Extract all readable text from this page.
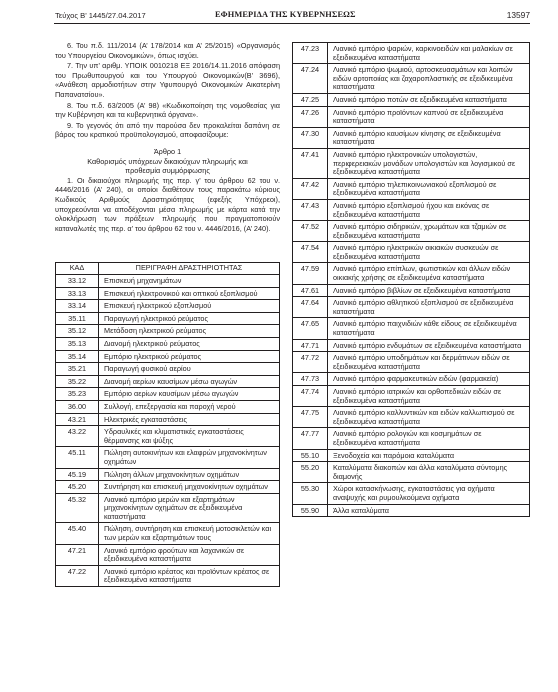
Τεύχος Β’ 1445/27.04.2017	ΕΦΗΜΕΡΙΔΑ ΤΗΣ ΚΥΒΕΡΝΗΣΕΩΣ	13597

6. Του π.δ. 111/2014 (Α’ 178/2014 και Α’ 25/2015) «Οργανισμός του Υπουργείου Οικονομικών», όπως ισχύει.

7. Την υπ’ αριθμ. ΥΠΟΙΚ 0010218 ΕΞ 2016/14.11.2016 απόφαση του Πρωθυπουργού και του Υπουργού Οικονομικών(Β’ 3696), «Ανάθεση αρμοδιοτήτων στην Υφυπουργό Οικονομικών Αικατερίνη Παπανατσίου».

8. Του π.δ. 63/2005 (Α’ 98) «Κωδικοποίηση της νομοθεσίας για την Κυβέρνηση και τα κυβερνητικά όργανα».

9. Το γεγονός ότι από την παρούσα δεν προκαλείται δαπάνη σε βάρος του κρατικού προϋπολογισμού, αποφασίζουμε:

Άρθρο 1
Καθορισμός υπόχρεων δικαιούχων πληρωμής και προθεσμία συμμόρφωσης

1. Οι δικαιούχοι πληρωμής της περ. γ’ του άρθρου 62 του ν. 4446/2016 (Α’ 240), οι οποίοι διαθέτουν τους παρακάτω κύριους Κωδικούς Αριθμούς Δραστηριότητας (εφεξής Υπόχρεοι), υποχρεούνται να αποδέχονται μέσα πληρωμής με κάρτα κατά την ολοκλήρωση των πράξεων πληρωμής που πραγματοποιούν καταναλωτές της περ. α’ του άρθρου 62 του ν. 4446/2016, (Α’ 240).

ΚΑΔ	ΠΕΡΙΓΡΑΦΗ ΔΡΑΣΤΗΡΙΟΤΗΤΑΣ
33.12	Επισκευή μηχανημάτων
33.13	Επισκευή ηλεκτρονικού και οπτικού εξοπλισμού
33.14	Επισκευή ηλεκτρικού εξοπλισμού
35.11	Παραγωγή ηλεκτρικού ρεύματος
35.12	Μετάδοση ηλεκτρικού ρεύματος
35.13	Διανομή ηλεκτρικού ρεύματος
35.14	Εμπόριο ηλεκτρικού ρεύματος
35.21	Παραγωγή φυσικού αερίου
35.22	Διανομή αερίων καυσίμων μέσω αγωγών
35.23	Εμπόριο αερίων καυσίμων μέσω αγωγών
36.00	Συλλογή, επεξεργασία και παροχή νερού
43.21	Ηλεκτρικές εγκαταστάσεις
43.22	Υδραυλικές και κλιματιστικές εγκαταστάσεις θέρμανσης και ψύξης
45.11	Πώληση αυτοκινήτων και ελαφρών μηχανοκίνητων οχημάτων
45.19	Πώληση άλλων μηχανοκίνητων οχημάτων
45.20	Συντήρηση και επισκευή μηχανοκίνητων οχημάτων
45.32	Λιανικό εμπόριο μερών και εξαρτημάτων μηχανοκίνητων οχημάτων σε εξειδικευμένα καταστήματα
45.40	Πώληση, συντήρηση και επισκευή μοτοσικλετών και των μερών και εξαρτημάτων τους
47.21	Λιανικό εμπόριο φρούτων και λαχανικών σε εξειδικευμένα καταστήματα
47.22	Λιανικό εμπόριο κρέατος και προϊόντων κρέατος σε εξειδικευμένα καταστήματα
47.23	Λιανικό εμπόριο ψαριών, καρκινοειδών και μαλακίων σε εξειδικευμένα καταστήματα
47.24	Λιανικό εμπόριο ψωμιού, αρτοσκευασμάτων και λοιπών ειδών αρτοποιίας και ζαχαροπλαστικής σε εξειδικευμένα καταστήματα
47.25	Λιανικό εμπόριο ποτών σε εξειδικευμένα καταστήματα
47.26	Λιανικό εμπόριο προϊόντων καπνού σε εξειδικευμένα καταστήματα
47.30	Λιανικό εμπόριο καυσίμων κίνησης σε εξειδικευμένα καταστήματα
47.41	Λιανικό εμπόριο ηλεκτρονικών υπολογιστών, περιφερειακών μονάδων υπολογιστών και λογισμικού σε εξειδικευμένα καταστήματα
47.42	Λιανικό εμπόριο τηλεπικοινωνιακού εξοπλισμού σε εξειδικευμένα καταστήματα
47.43	Λιανικό εμπόριο εξοπλισμού ήχου και εικόνας σε εξειδικευμένα καταστήματα
47.52	Λιανικό εμπόριο σιδηρικών, χρωμάτων και τζαμιών σε εξειδικευμένα καταστήματα
47.54	Λιανικό εμπόριο ηλεκτρικών οικιακών συσκευών σε εξειδικευμένα καταστήματα
47.59	Λιανικό εμπόριο επίπλων, φωτιστικών και άλλων ειδών οικιακής χρήσης σε εξειδικευμένα καταστήματα
47.61	Λιανικό εμπόριο βιβλίων σε εξειδικευμένα καταστήματα
47.64	Λιανικό εμπόριο αθλητικού εξοπλισμού σε εξειδικευμένα καταστήματα
47.65	Λιανικό εμπόριο παιχνιδιών κάθε είδους σε εξειδικευμένα καταστήματα
47.71	Λιανικό εμπόριο ενδυμάτων σε εξειδικευμένα καταστήματα
47.72	Λιανικό εμπόριο υποδημάτων και δερμάτινων ειδών σε εξειδικευμένα καταστήματα
47.73	Λιανικό εμπόριο φαρμακευτικών ειδών (φαρμακεία)
47.74	Λιανικό εμπόριο ιατρικών και ορθοπεδικών ειδών σε εξειδικευμένα καταστήματα
47.75	Λιανικό εμπόριο καλλυντικών και ειδών καλλωπισμού σε εξειδικευμένα καταστήματα
47.77	Λιανικό εμπόριο ρολογιών και κοσμημάτων σε εξειδικευμένα καταστήματα
55.10	Ξενοδοχεία και παρόμοια καταλύματα
55.20	Καταλύματα διακοπών και άλλα καταλύματα σύντομης διαμονής
55.30	Χώροι κατασκήνωσης, εγκαταστάσεις για οχήματα αναψυχής και ρυμουλκούμενα οχήματα
55.90	Άλλα καταλύματα
